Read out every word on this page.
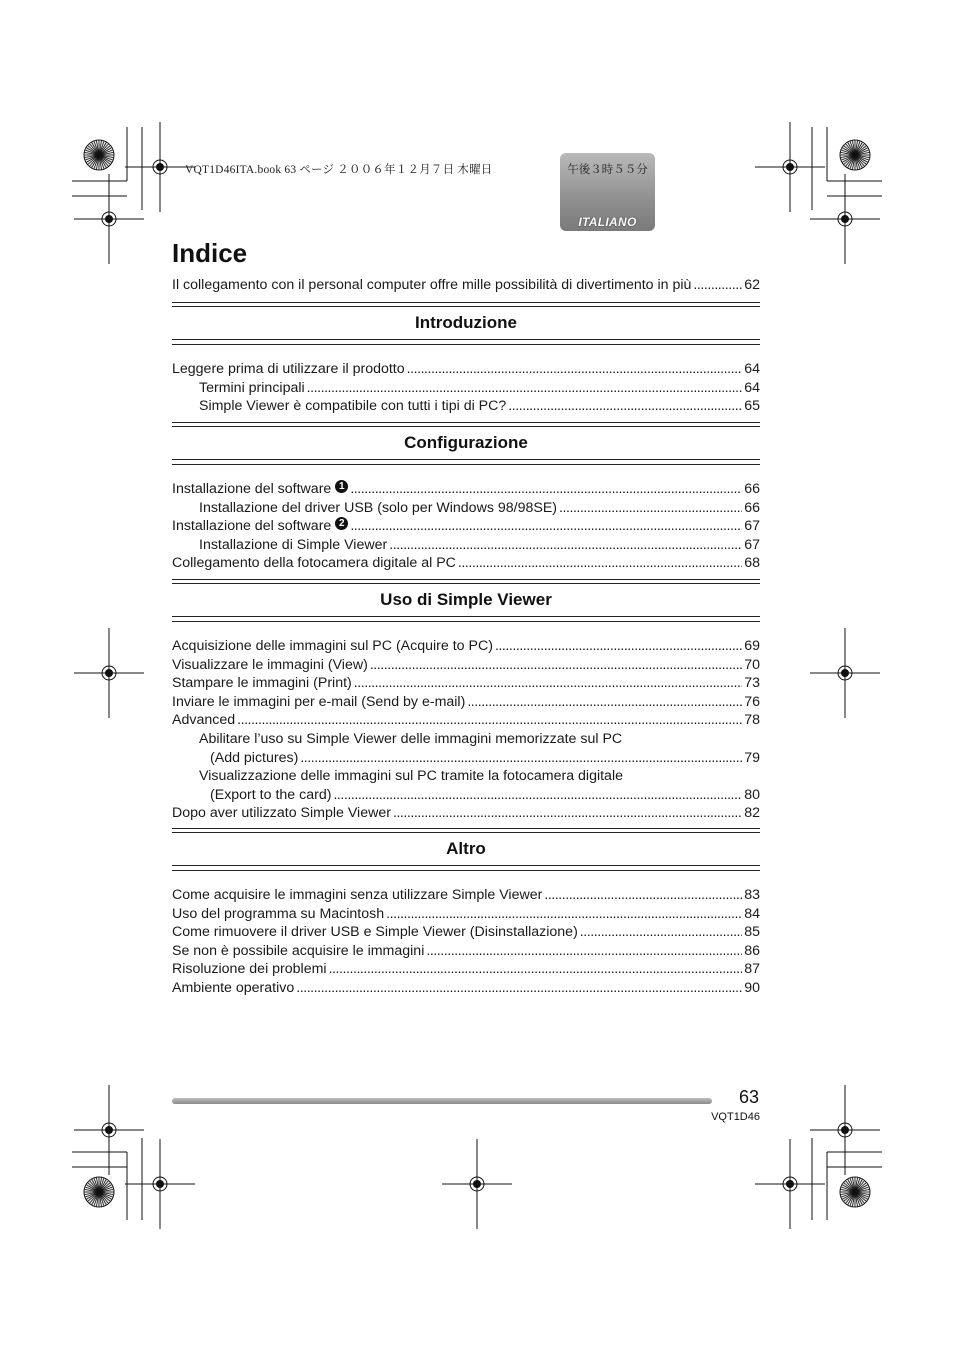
VQT1D46ITA.book 63 ページ ２００６年１２月７日 木曜日	午後３時５５分
ITALIANO
Indice
Il collegamento con il personal computer offre mille possibilità di divertimento in più . . .	62
Introduzione
Leggere prima di utilizzare il prodotto . . .	64
Termini principali . . .	64
Simple Viewer è compatibile con tutti i tipi di PC? . . .	65
Configurazione
Installazione del software 1 . . .	66
Installazione del driver USB (solo per Windows 98/98SE) . . .	66
Installazione del software 2 . . .	67
Installazione di Simple Viewer . . .	67
Collegamento della fotocamera digitale al PC . . .	68
Uso di Simple Viewer
Acquisizione delle immagini sul PC (Acquire to PC) . . .	69
Visualizzare le immagini (View) . . .	70
Stampare le immagini (Print) . . .	73
Inviare le immagini per e-mail (Send by e-mail) . . .	76
Advanced . . .	78
Abilitare l’uso su Simple Viewer delle immagini memorizzate sul PC
(Add pictures) . . .	79
Visualizzazione delle immagini sul PC tramite la fotocamera digitale
(Export to the card) . . .	80
Dopo aver utilizzato Simple Viewer . . .	82
Altro
Come acquisire le immagini senza utilizzare Simple Viewer . . .	83
Uso del programma su Macintosh . . .	84
Come rimuovere il driver USB e Simple Viewer (Disinstallazione) . . .	85
Se non è possibile acquisire le immagini . . .	86
Risoluzione dei problemi . . .	87
Ambiente operativo . . .	90
63
VQT1D46
